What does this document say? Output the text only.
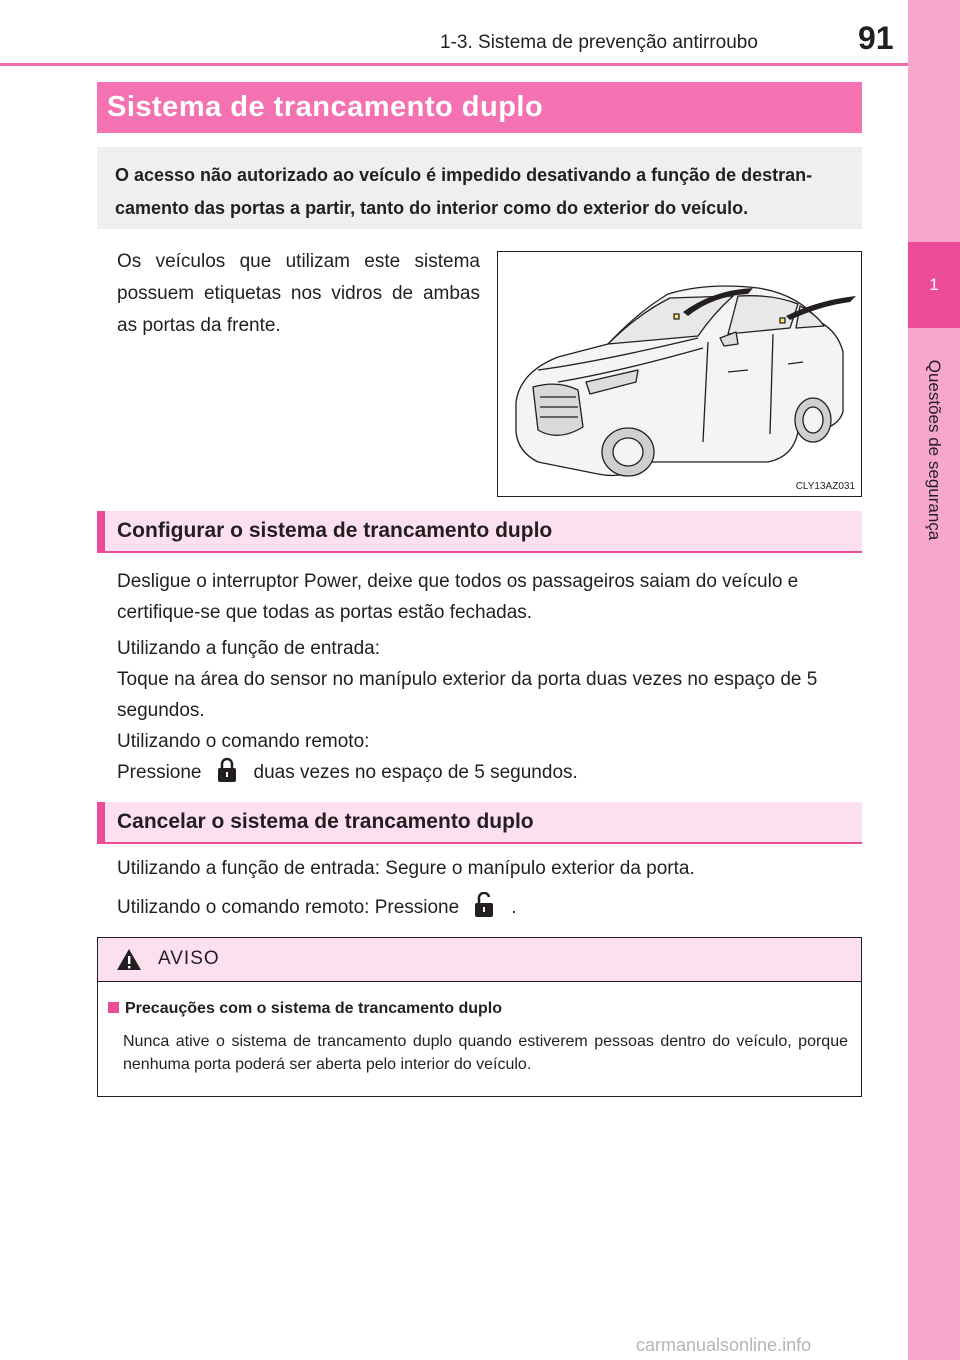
1-3. Sistema de prevenção antirroubo	91
1
Questões de segurança
Sistema de trancamento duplo
O acesso não autorizado ao veículo é impedido desativando a função de destran-camento das portas a partir, tanto do interior como do exterior do veículo.
Os veículos que utilizam este sistema possuem etiquetas nos vidros de ambas as portas da frente.
CLY13AZ031
Configurar o sistema de trancamento duplo
Desligue o interruptor Power, deixe que todos os passageiros saiam do veículo e certifique-se que todas as portas estão fechadas.
Utilizando a função de entrada:
Toque na área do sensor no manípulo exterior da porta duas vezes no espaço de 5 segundos.
Utilizando o comando remoto:
Pressione	duas vezes no espaço de 5 segundos.
Cancelar o sistema de trancamento duplo
Utilizando a função de entrada: Segure o manípulo exterior da porta.
Utilizando o comando remoto: Pressione	.
AVISO
Precauções com o sistema de trancamento duplo
Nunca ative o sistema de trancamento duplo quando estiverem pessoas dentro do veículo, porque nenhuma porta poderá ser aberta pelo interior do veículo.
carmanualsonline.info
